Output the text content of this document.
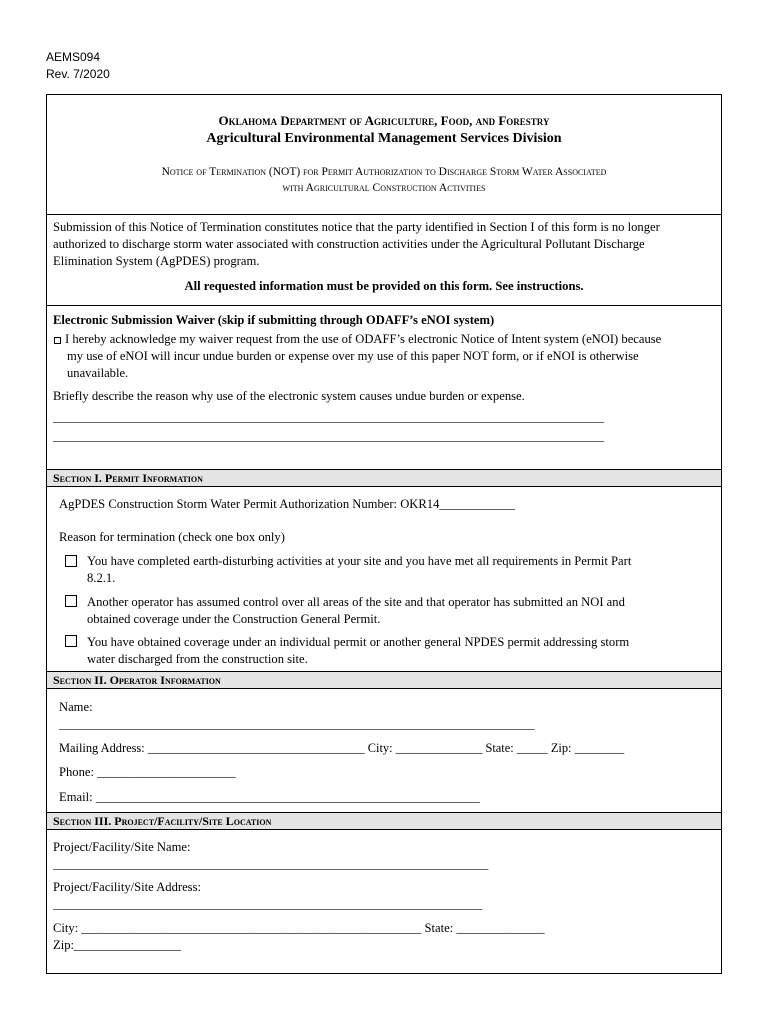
AEMS094
Rev. 7/2020
Oklahoma Department of Agriculture, Food, and Forestry
Agricultural Environmental Management Services Division
Notice of Termination (NOT) for Permit Authorization to Discharge Storm Water Associated
with Agricultural Construction Activities
Submission of this Notice of Termination constitutes notice that the party identified in Section I of this form is no longer
authorized to discharge storm water associated with construction activities under the Agricultural Pollutant Discharge
Elimination System (AgPDES) program.
All requested information must be provided on this form. See instructions.
Electronic Submission Waiver (skip if submitting through ODAFF’s eNOI system)
I hereby acknowledge my waiver request from the use of ODAFF’s electronic Notice of Intent system (eNOI) because
my use of eNOI will incur undue burden or expense over my use of this paper NOT form, or if eNOI is otherwise
unavailable.
Briefly describe the reason why use of the electronic system causes undue burden or expense.
_______________________________________________________________________________________________
_______________________________________________________________________________________________
Section I. Permit Information
AgPDES Construction Storm Water Permit Authorization Number: OKR14____________
Reason for termination (check one box only)
You have completed earth-disturbing activities at your site and you have met all requirements in Permit Part
8.2.1.
Another operator has assumed control over all areas of the site and that operator has submitted an NOI and
obtained coverage under the Construction General Permit.
You have obtained coverage under an individual permit or another general NPDES permit addressing storm
water discharged from the construction site.
Section II. Operator Information
Name:
__________________________________________________________________________________
Mailing Address: ___________________________________ City: ______________ State: _____ Zip: ________
Phone: ______________________
Email: _____________________________________________________________
Section III. Project/Facility/Site Location
Project/Facility/Site Name:
___________________________________________________________________________
Project/Facility/Site Address:
__________________________________________________________________________
City: ______________________________________________________ State: ______________
Zip:_________________
